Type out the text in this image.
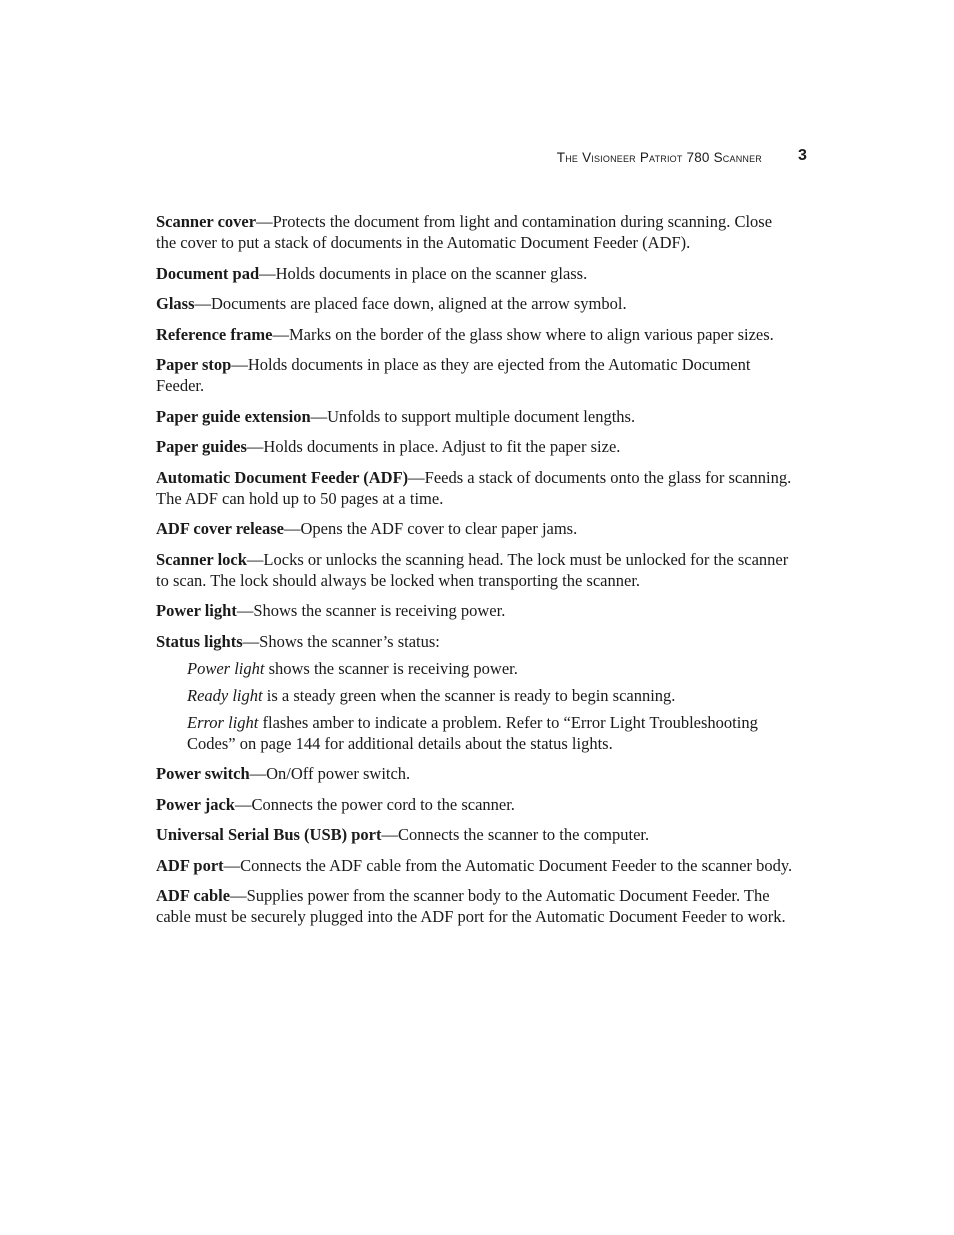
The Visioneer Patriot 780 Scanner 3

Scanner cover—Protects the document from light and contamination during scanning. Close the cover to put a stack of documents in the Automatic Document Feeder (ADF).

Document pad—Holds documents in place on the scanner glass.

Glass—Documents are placed face down, aligned at the arrow symbol.

Reference frame—Marks on the border of the glass show where to align various paper sizes.

Paper stop—Holds documents in place as they are ejected from the Automatic Document Feeder.

Paper guide extension—Unfolds to support multiple document lengths.

Paper guides—Holds documents in place. Adjust to fit the paper size.

Automatic Document Feeder (ADF)—Feeds a stack of documents onto the glass for scanning. The ADF can hold up to 50 pages at a time.

ADF cover release—Opens the ADF cover to clear paper jams.

Scanner lock—Locks or unlocks the scanning head. The lock must be unlocked for the scanner to scan. The lock should always be locked when transporting the scanner.

Power light—Shows the scanner is receiving power.

Status lights—Shows the scanner’s status:

Power light shows the scanner is receiving power.

Ready light is a steady green when the scanner is ready to begin scanning.

Error light flashes amber to indicate a problem. Refer to “Error Light Troubleshooting Codes” on page 144 for additional details about the status lights.

Power switch—On/Off power switch.

Power jack—Connects the power cord to the scanner.

Universal Serial Bus (USB) port—Connects the scanner to the computer.

ADF port—Connects the ADF cable from the Automatic Document Feeder to the scanner body.

ADF cable—Supplies power from the scanner body to the Automatic Document Feeder. The cable must be securely plugged into the ADF port for the Automatic Document Feeder to work.
